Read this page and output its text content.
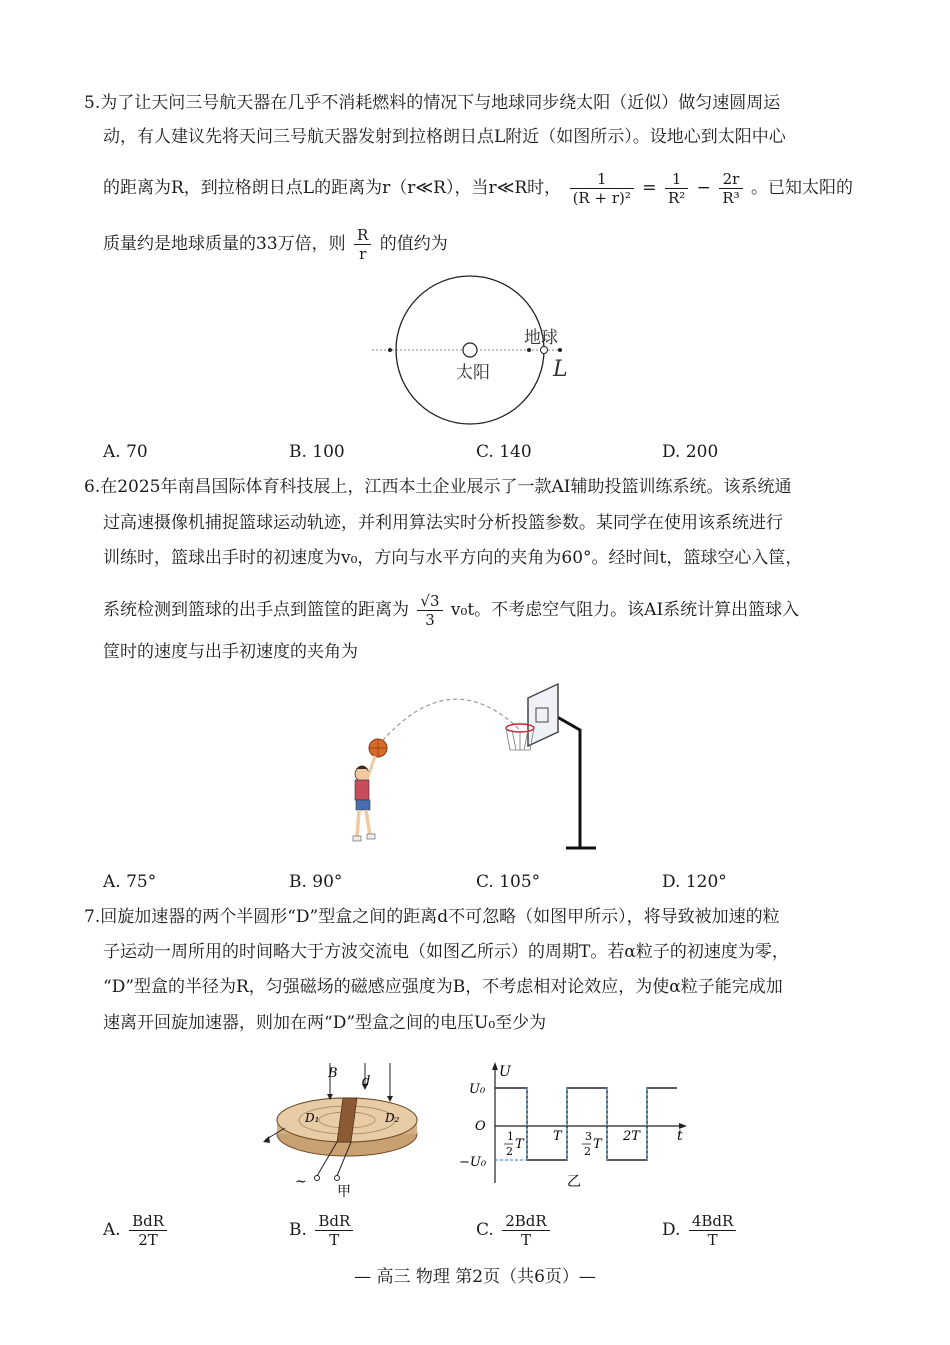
5.为了让天问三号航天器在几乎不消耗燃料的情况下与地球同步绕太阳（近似）做匀速圆周运
动，有人建议先将天问三号航天器发射到拉格朗日点L附近（如图所示）。设地心到太阳中心
的距离为R，到拉格朗日点L的距离为r（r≪R），当r≪R时， $\frac{1}{\text{(R + r)²}} = \frac{1}{\text{R²}} - \frac{2r}{\text{R³}}$ 。已知太阳的
质量约是地球质量的33万倍，则 $\frac{R}{r}$ 的值约为
太阳
地球
L
A. 70	B. 100	C. 140	D. 200
6.在2025年南昌国际体育科技展上，江西本土企业展示了一款AI辅助投篮训练系统。该系统通
过高速摄像机捕捉篮球运动轨迹，并利用算法实时分析投篮参数。某同学在使用该系统进行
训练时，篮球出手时的初速度为v₀，方向与水平方向的夹角为60°。经时间t，篮球空心入筐，
系统检测到篮球的出手点到篮筐的距离为 $\frac{√3}{3} v_0t$。不考虑空气阻力。该AI系统计算出篮球入
筐时的速度与出手初速度的夹角为
A. 75°	B. 90°	C. 105°	D. 120°
7.回旋加速器的两个半圆形“D”型盒之间的距离d不可忽略（如图甲所示），将导致被加速的粒
子运动一周所用的时间略大于方波交流电（如图乙所示）的周期T。若α粒子的初速度为零，
“D”型盒的半径为R，匀强磁场的磁感应强度为B，不考虑相对论效应，为使α粒子能完成加
速离开回旋加速器，则加在两“D”型盒之间的电压U₀至少为
B
d
D₁	D₂
~
甲
U
U₀
−U₀
O
t
1
2 T
T 3
2 T
2T
乙
A. $\frac{\text{BdR}}{2T}$	B. $\frac{\text{BdR}}{T}$	C. $\frac{\text{2BdR}}{T}$	D. $\frac{\text{4BdR}}{T}$
— 高三 物理 第2页（共6页）—
